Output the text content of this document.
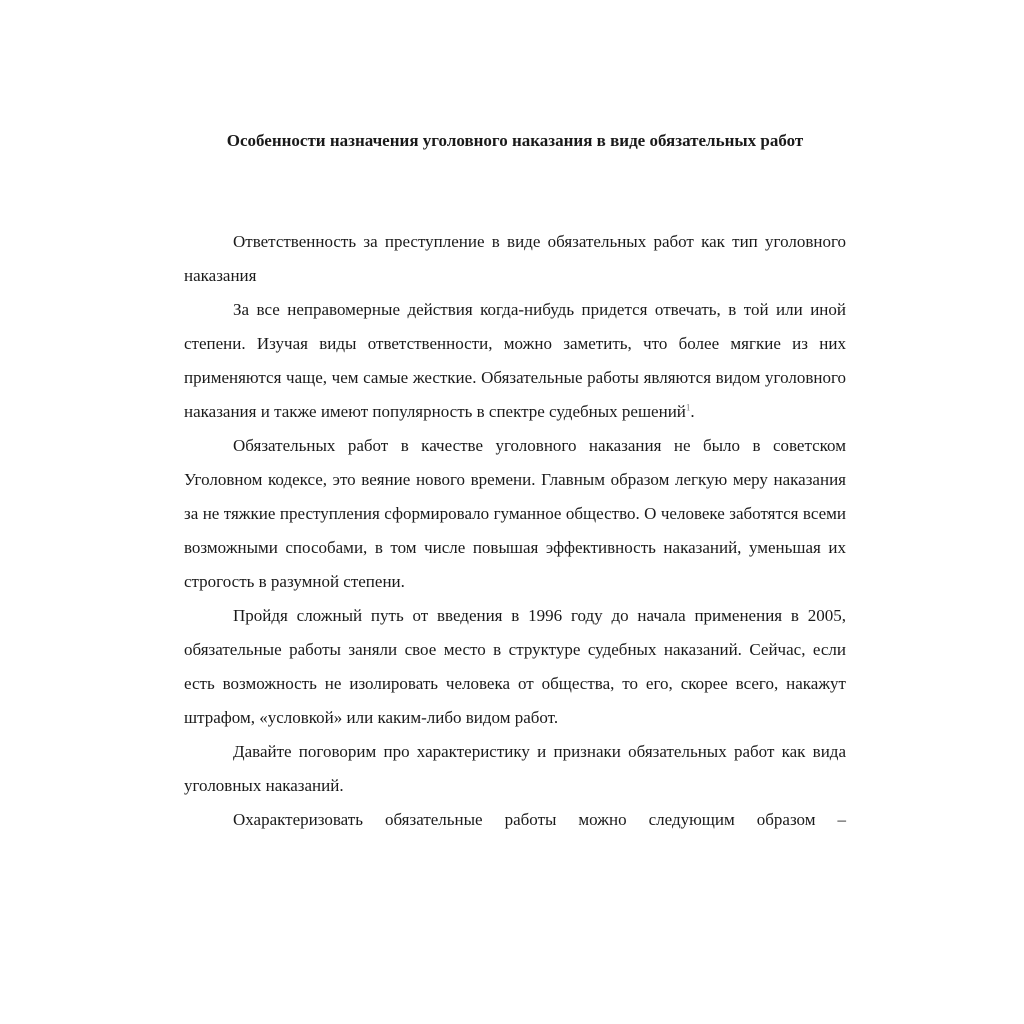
Особенности назначения уголовного наказания в виде обязательных работ

Ответственность за преступление в виде обязательных работ как тип уголовного наказания

За все неправомерные действия когда-нибудь придется отвечать, в той или иной степени. Изучая виды ответственности, можно заметить, что более мягкие из них применяются чаще, чем самые жесткие. Обязательные работы являются видом уголовного наказания и также имеют популярность в спектре судебных решений$^1$.

Обязательных работ в качестве уголовного наказания не было в советском Уголовном кодексе, это веяние нового времени. Главным образом легкую меру наказания за не тяжкие преступления сформировало гуманное общество. О человеке заботятся всеми возможными способами, в том числе повышая эффективность наказаний, уменьшая их строгость в разумной степени.

Пройдя сложный путь от введения в 1996 году до начала применения в 2005, обязательные работы заняли свое место в структуре судебных наказаний. Сейчас, если есть возможность не изолировать человека от общества, то его, скорее всего, накажут штрафом, «условкой» или каким-либо видом работ.

Давайте поговорим про характеристику и признаки обязательных работ как вида уголовных наказаний.

Охарактеризовать обязательные работы можно следующим образом –
